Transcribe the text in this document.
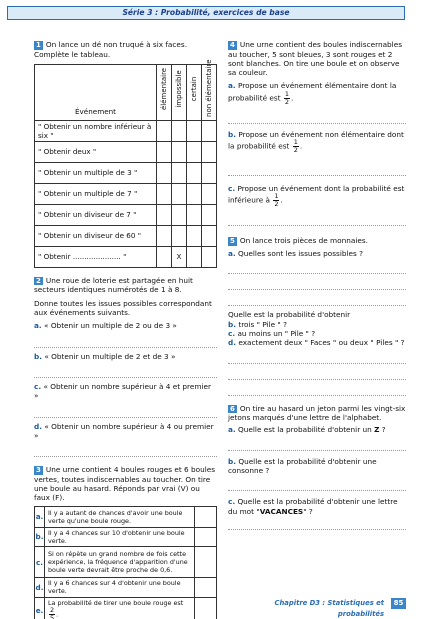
Série 3 : Probabilité, exercices de base

1 On lance un dé non truqué à six faces. Complète le tableau.

Événement	élémentaire	impossible	certain	non élémentaire

" Obtenir un nombre inférieur à six "				
" Obtenir deux "				
" Obtenir un multiple de 3 "				
" Obtenir un multiple de 7 "				
" Obtenir un diviseur de 7 "				
" Obtenir un diviseur de 60 "				
" Obtenir ..................... "		X		

2 Une roue de loterie est partagée en huit secteurs identiques numérotés de 1 à 8.

Donne toutes les issues possibles correspondant aux événements suivants.

a. « Obtenir un multiple de 2 ou de 3 »

b. « Obtenir un multiple de 2 et de 3 »

c. « Obtenir un nombre supérieur à 4 et premier »

d. « Obtenir un nombre supérieur à 4 ou premier »

3 Une urne contient 4 boules rouges et 6 boules vertes, toutes indiscernables au toucher. On tire une boule au hasard. Réponds par vrai (V) ou faux (F).

a.	Il y a autant de chances d'avoir une boule verte qu'une boule rouge.	
b.	Il y a 4 chances sur 10 d'obtenir une boule verte.	
c.	Si on répète un grand nombre de fois cette expérience, la fréquence d'apparition d'une boule verte devrait être proche de 0,6.	
d.	Il y a 6 chances sur 4 d'obtenir une boule verte.	
e.	La probabilité de tirer une boule rouge est
$\frac{2}{5}$ .	

4 Une urne contient des boules indiscernables au toucher, 5 sont bleues, 3 sont rouges et 2 sont blanches. On tire une boule et on observe sa couleur.

a. Propose un événement élémentaire dont la probabilité est $\frac{1}{2}$ .

b. Propose un événement non élémentaire dont la probabilité est $\frac{1}{2}$ .

c. Propose un événement dont la probabilité est inférieure à $\frac{1}{2}$ .

5 On lance trois pièces de monnaies.

a. Quelles sont les issues possibles ?

Quelle est la probabilité d'obtenir

b. trois " Pile " ?

c. au moins un " Pile " ?

d. exactement deux " Faces " ou deux " Piles " ?

6 On tire au hasard un jeton parmi les vingt-six jetons marqués d'une lettre de l'alphabet.

a. Quelle est la probabilité d'obtenir un Z ?

b. Quelle est la probabilité d'obtenir une consonne ?

c. Quelle est la probabilité d'obtenir une lettre du mot "VACANCES" ?

Chapitre D3 : Statistiques et probabilités
85
